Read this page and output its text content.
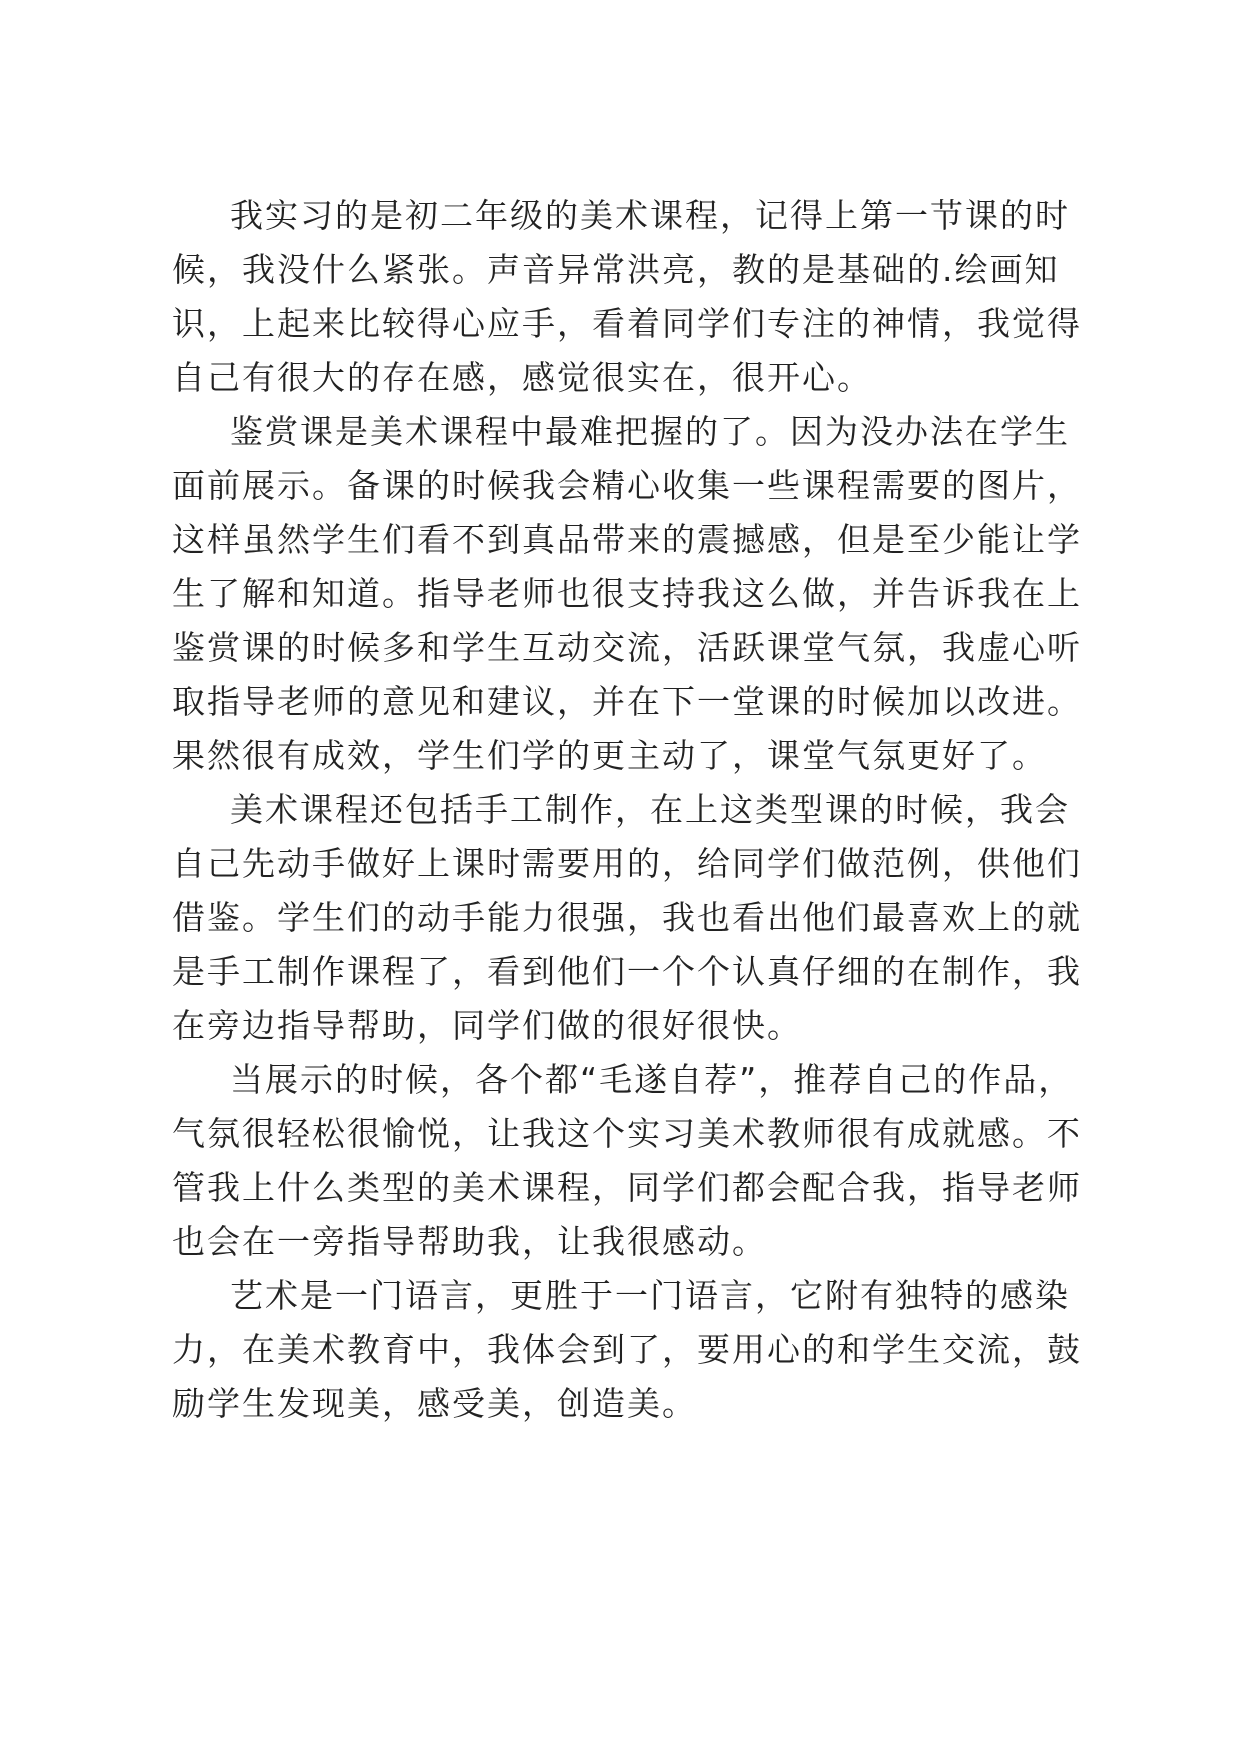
我实习的是初二年级的美术课程，记得上第一节课的时
候，我没什么紧张。声音异常洪亮，教的是基础的.绘画知
识，上起来比较得心应手，看着同学们专注的神情，我觉得
自己有很大的存在感，感觉很实在，很开心。
鉴赏课是美术课程中最难把握的了。因为没办法在学生
面前展示。备课的时候我会精心收集一些课程需要的图片，
这样虽然学生们看不到真品带来的震撼感，但是至少能让学
生了解和知道。指导老师也很支持我这么做，并告诉我在上
鉴赏课的时候多和学生互动交流，活跃课堂气氛，我虚心听
取指导老师的意见和建议，并在下一堂课的时候加以改进。
果然很有成效，学生们学的更主动了，课堂气氛更好了。
美术课程还包括手工制作，在上这类型课的时候，我会
自己先动手做好上课时需要用的，给同学们做范例，供他们
借鉴。学生们的动手能力很强，我也看出他们最喜欢上的就
是手工制作课程了，看到他们一个个认真仔细的在制作，我
在旁边指导帮助，同学们做的很好很快。
当展示的时候，各个都“毛遂自荐”，推荐自己的作品，
气氛很轻松很愉悦，让我这个实习美术教师很有成就感。不
管我上什么类型的美术课程，同学们都会配合我，指导老师
也会在一旁指导帮助我，让我很感动。
艺术是一门语言，更胜于一门语言，它附有独特的感染
力，在美术教育中，我体会到了，要用心的和学生交流，鼓
励学生发现美，感受美，创造美。
